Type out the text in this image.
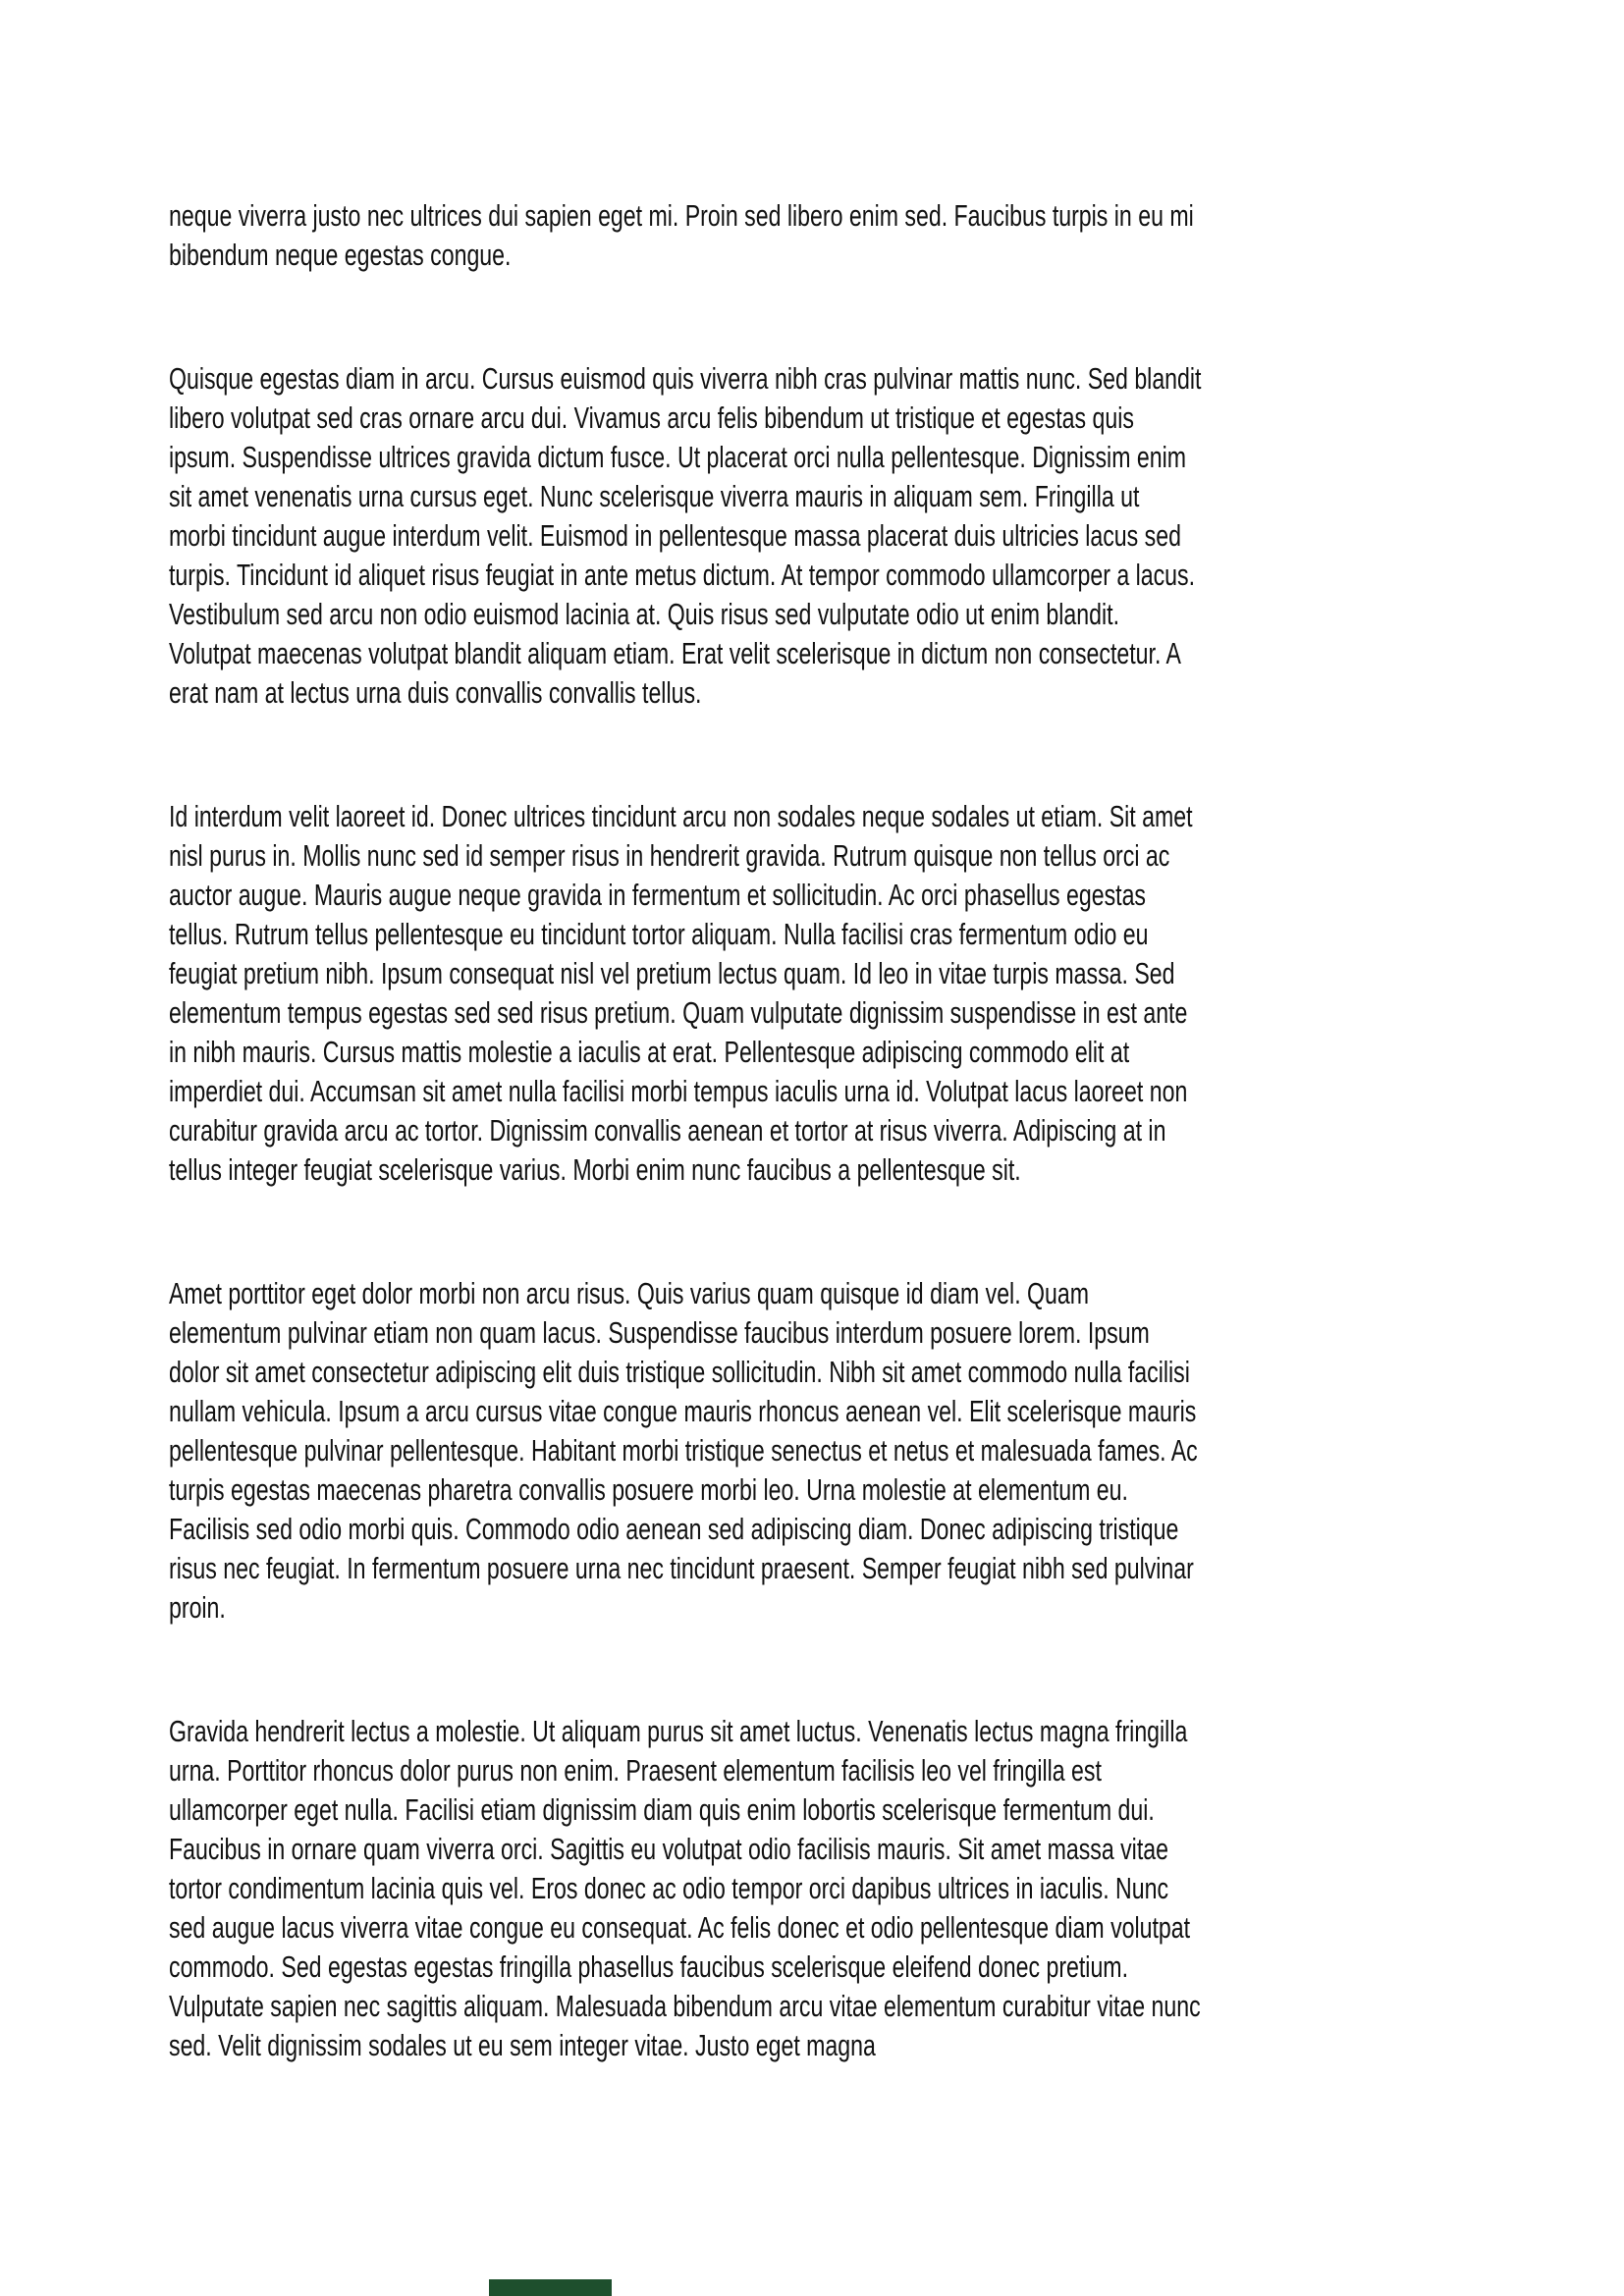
neque viverra justo nec ultrices dui sapien eget mi. Proin sed libero enim sed. Faucibus turpis in eu mi bibendum neque egestas congue.

Quisque egestas diam in arcu. Cursus euismod quis viverra nibh cras pulvinar mattis nunc. Sed blandit libero volutpat sed cras ornare arcu dui. Vivamus arcu felis bibendum ut tristique et egestas quis ipsum. Suspendisse ultrices gravida dictum fusce. Ut placerat orci nulla pellentesque. Dignissim enim sit amet venenatis urna cursus eget. Nunc scelerisque viverra mauris in aliquam sem. Fringilla ut morbi tincidunt augue interdum velit. Euismod in pellentesque massa placerat duis ultricies lacus sed turpis. Tincidunt id aliquet risus feugiat in ante metus dictum. At tempor commodo ullamcorper a lacus. Vestibulum sed arcu non odio euismod lacinia at. Quis risus sed vulputate odio ut enim blandit. Volutpat maecenas volutpat blandit aliquam etiam. Erat velit scelerisque in dictum non consectetur. A erat nam at lectus urna duis convallis convallis tellus.

Id interdum velit laoreet id. Donec ultrices tincidunt arcu non sodales neque sodales ut etiam. Sit amet nisl purus in. Mollis nunc sed id semper risus in hendrerit gravida. Rutrum quisque non tellus orci ac auctor augue. Mauris augue neque gravida in fermentum et sollicitudin. Ac orci phasellus egestas tellus. Rutrum tellus pellentesque eu tincidunt tortor aliquam. Nulla facilisi cras fermentum odio eu feugiat pretium nibh. Ipsum consequat nisl vel pretium lectus quam. Id leo in vitae turpis massa. Sed elementum tempus egestas sed sed risus pretium. Quam vulputate dignissim suspendisse in est ante in nibh mauris. Cursus mattis molestie a iaculis at erat. Pellentesque adipiscing commodo elit at imperdiet dui. Accumsan sit amet nulla facilisi morbi tempus iaculis urna id. Volutpat lacus laoreet non curabitur gravida arcu ac tortor. Dignissim convallis aenean et tortor at risus viverra. Adipiscing at in tellus integer feugiat scelerisque varius. Morbi enim nunc faucibus a pellentesque sit.

Amet porttitor eget dolor morbi non arcu risus. Quis varius quam quisque id diam vel. Quam elementum pulvinar etiam non quam lacus. Suspendisse faucibus interdum posuere lorem. Ipsum dolor sit amet consectetur adipiscing elit duis tristique sollicitudin. Nibh sit amet commodo nulla facilisi nullam vehicula. Ipsum a arcu cursus vitae congue mauris rhoncus aenean vel. Elit scelerisque mauris pellentesque pulvinar pellentesque. Habitant morbi tristique senectus et netus et malesuada fames. Ac turpis egestas maecenas pharetra convallis posuere morbi leo. Urna molestie at elementum eu. Facilisis sed odio morbi quis. Commodo odio aenean sed adipiscing diam. Donec adipiscing tristique risus nec feugiat. In fermentum posuere urna nec tincidunt praesent. Semper feugiat nibh sed pulvinar proin.

Gravida hendrerit lectus a molestie. Ut aliquam purus sit amet luctus. Venenatis lectus magna fringilla urna. Porttitor rhoncus dolor purus non enim. Praesent elementum facilisis leo vel fringilla est ullamcorper eget nulla. Facilisi etiam dignissim diam quis enim lobortis scelerisque fermentum dui. Faucibus in ornare quam viverra orci. Sagittis eu volutpat odio facilisis mauris. Sit amet massa vitae tortor condimentum lacinia quis vel. Eros donec ac odio tempor orci dapibus ultrices in iaculis. Nunc sed augue lacus viverra vitae congue eu consequat. Ac felis donec et odio pellentesque diam volutpat commodo. Sed egestas egestas fringilla phasellus faucibus scelerisque eleifend donec pretium. Vulputate sapien nec sagittis aliquam. Malesuada bibendum arcu vitae elementum curabitur vitae nunc sed. Velit dignissim sodales ut eu sem integer vitae. Justo eget magna
